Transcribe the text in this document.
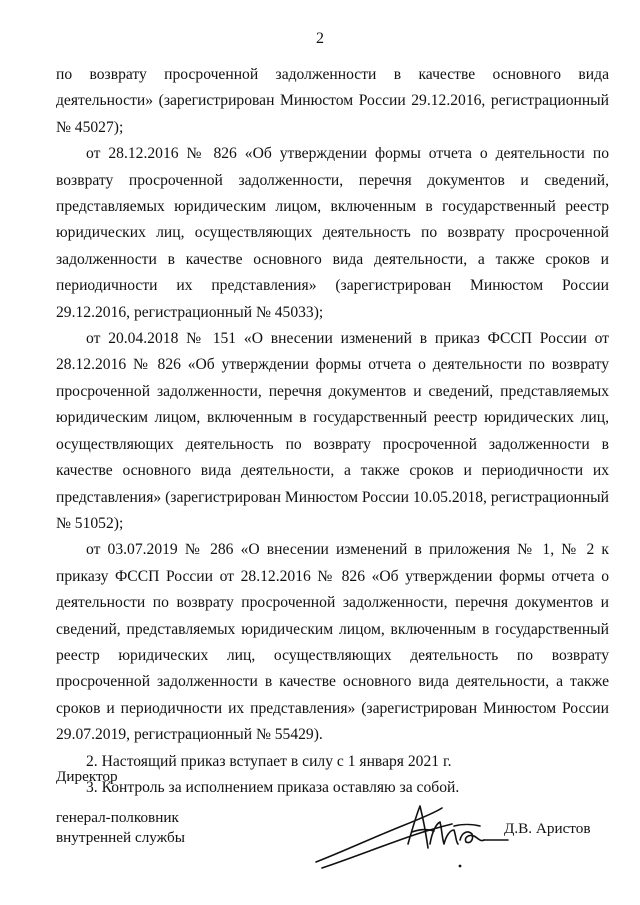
2

по возврату просроченной задолженности в качестве основного вида деятельности» (зарегистрирован Минюстом России 29.12.2016, регистрационный № 45027);

от 28.12.2016 № 826 «Об утверждении формы отчета о деятельности по возврату просроченной задолженности, перечня документов и сведений, представляемых юридическим лицом, включенным в государственный реестр юридических лиц, осуществляющих деятельность по возврату просроченной задолженности в качестве основного вида деятельности, а также сроков и периодичности их представления» (зарегистрирован Минюстом России 29.12.2016, регистрационный № 45033);

от 20.04.2018 № 151 «О внесении изменений в приказ ФССП России от 28.12.2016 № 826 «Об утверждении формы отчета о деятельности по возврату просроченной задолженности, перечня документов и сведений, представляемых юридическим лицом, включенным в государственный реестр юридических лиц, осуществляющих деятельность по возврату просроченной задолженности в качестве основного вида деятельности, а также сроков и периодичности их представления» (зарегистрирован Минюстом России 10.05.2018, регистрационный № 51052);

от 03.07.2019 № 286 «О внесении изменений в приложения № 1, № 2 к приказу ФССП России от 28.12.2016 № 826 «Об утверждении формы отчета о деятельности по возврату просроченной задолженности, перечня документов и сведений, представляемых юридическим лицом, включенным в государственный реестр юридических лиц, осуществляющих деятельность по возврату просроченной задолженности в качестве основного вида деятельности, а также сроков и периодичности их представления» (зарегистрирован Минюстом России 29.07.2019, регистрационный № 55429).

2. Настоящий приказ вступает в силу с 1 января 2021 г.

3. Контроль за исполнением приказа оставляю за собой.

Директор
генерал-полковник
внутренней службы
Д.В. Аристов
